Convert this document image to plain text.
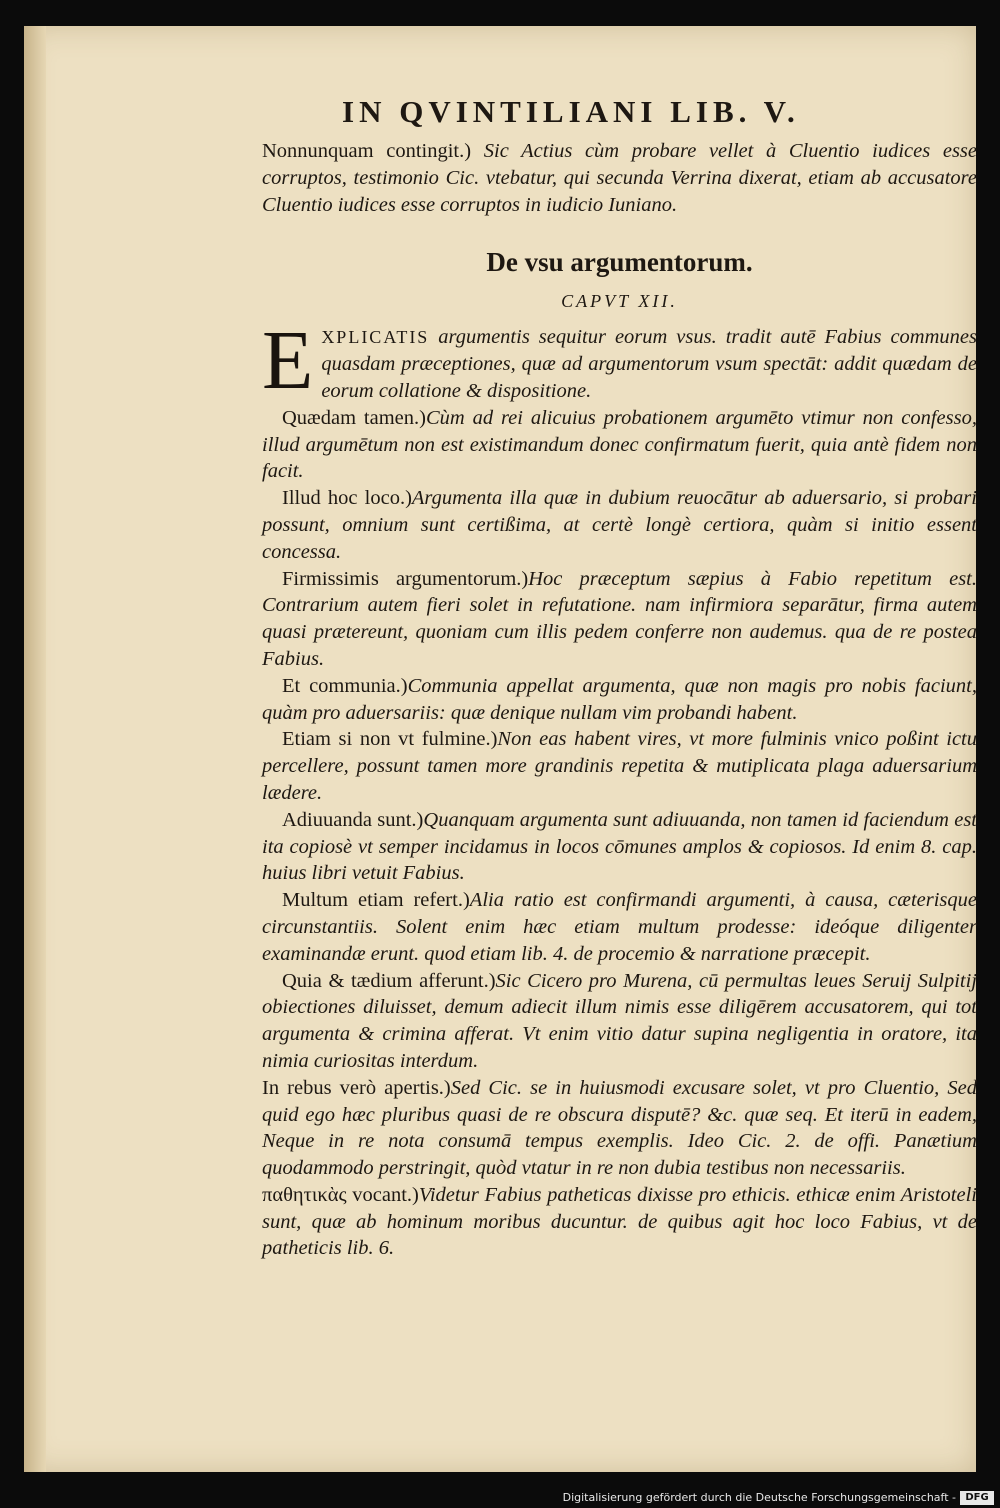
IN QVINTILIANI LIB. V.

Nonnunquam contingit.) Sic Actius cùm probare vellet à Cluentio iudices esse corruptos, testimonio Cic. vtebatur, qui secunda Verrina dixerat, etiam ab accusatore Cluentio iudices esse corruptos in iudicio Iuniano.

De vsu argumentorum.
CAPVT XII.

EXPLICATIS argumentis sequitur eorum vsus. tradit autē Fabius communes quasdam præceptiones, quæ ad argumentorum vsum spectāt: addit quædam de eorum collatione & dispositione.

Quædam tamen.)Cùm ad rei alicuius probationem argumēto vtimur non confesso, illud argumētum non est existimandum donec confirmatum fuerit, quia antè fidem non facit.

Illud hoc loco.)Argumenta illa quæ in dubium reuocātur ab aduersario, si probari possunt, omnium sunt certißima, at certè longè certiora, quàm si initio essent concessa.

Firmissimis argumentorum.)Hoc præceptum sæpius à Fabio repetitum est. Contrarium autem fieri solet in refutatione. nam infirmiora separātur, firma autem quasi prætereunt, quoniam cum illis pedem conferre non audemus. qua de re postea Fabius.

Et communia.)Communia appellat argumenta, quæ non magis pro nobis faciunt, quàm pro aduersariis: quæ denique nullam vim probandi habent.

Etiam si non vt fulmine.)Non eas habent vires, vt more fulminis vnico poßint ictu percellere, possunt tamen more grandinis repetita & mutiplicata plaga aduersarium lædere.

Adiuuanda sunt.)Quanquam argumenta sunt adiuuanda, non tamen id faciendum est ita copiosè vt semper incidamus in locos cōmunes amplos & copiosos. Id enim 8. cap. huius libri vetuit Fabius.

Multum etiam refert.)Alia ratio est confirmandi argumenti, à causa, cæterisque circunstantiis. Solent enim hæc etiam multum prodesse: ideóque diligenter examinandæ erunt. quod etiam lib. 4. de procemio & narratione præcepit.

Quia & tædium afferunt.)Sic Cicero pro Murena, cū permultas leues Seruij Sulpitij obiectiones diluisset, demum adiecit illum nimis esse diligērem accusatorem, qui tot argumenta & crimina afferat. Vt enim vitio datur supina negligentia in oratore, ita nimia curiositas interdum.

In rebus verò apertis.)Sed Cic. se in huiusmodi excusare solet, vt pro Cluentio, Sed quid ego hæc pluribus quasi de re obscura disputē? &c. quæ seq. Et iterū in eadem, Neque in re nota consumā tempus exemplis. Ideo Cic. 2. de offi. Panætium quodammodo perstringit, quòd vtatur in re non dubia testibus non necessariis.

παθητικὰς vocant.)Videtur Fabius patheticas dixisse pro ethicis. ethicæ enim Aristoteli sunt, quæ ab hominum moribus ducuntur. de quibus agit hoc loco Fabius, vt de patheticis lib. 6.

Digitalisierung gefördert durch die Deutsche Forschungsgemeinschaft - DFG
